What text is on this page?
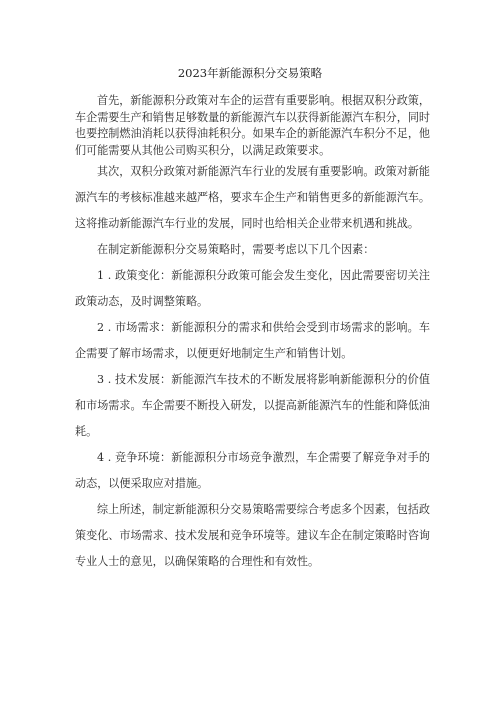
2023年新能源积分交易策略

首先，新能源积分政策对车企的运营有重要影响。根据双积分政策，车企需要生产和销售足够数量的新能源汽车以获得新能源汽车积分，同时也要控制燃油消耗以获得油耗积分。如果车企的新能源汽车积分不足，他们可能需要从其他公司购买积分，以满足政策要求。

其次，双积分政策对新能源汽车行业的发展有重要影响。政策对新能源汽车的考核标准越来越严格，要求车企生产和销售更多的新能源汽车。这将推动新能源汽车行业的发展，同时也给相关企业带来机遇和挑战。

在制定新能源积分交易策略时，需要考虑以下几个因素：

1 . 政策变化：新能源积分政策可能会发生变化，因此需要密切关注政策动态，及时调整策略。

2 . 市场需求：新能源积分的需求和供给会受到市场需求的影响。车企需要了解市场需求，以便更好地制定生产和销售计划。

3 . 技术发展：新能源汽车技术的不断发展将影响新能源积分的价值和市场需求。车企需要不断投入研发，以提高新能源汽车的性能和降低油耗。

4 . 竞争环境：新能源积分市场竞争激烈，车企需要了解竞争对手的动态，以便采取应对措施。

综上所述，制定新能源积分交易策略需要综合考虑多个因素，包括政策变化、市场需求、技术发展和竞争环境等。建议车企在制定策略时咨询专业人士的意见，以确保策略的合理性和有效性。
